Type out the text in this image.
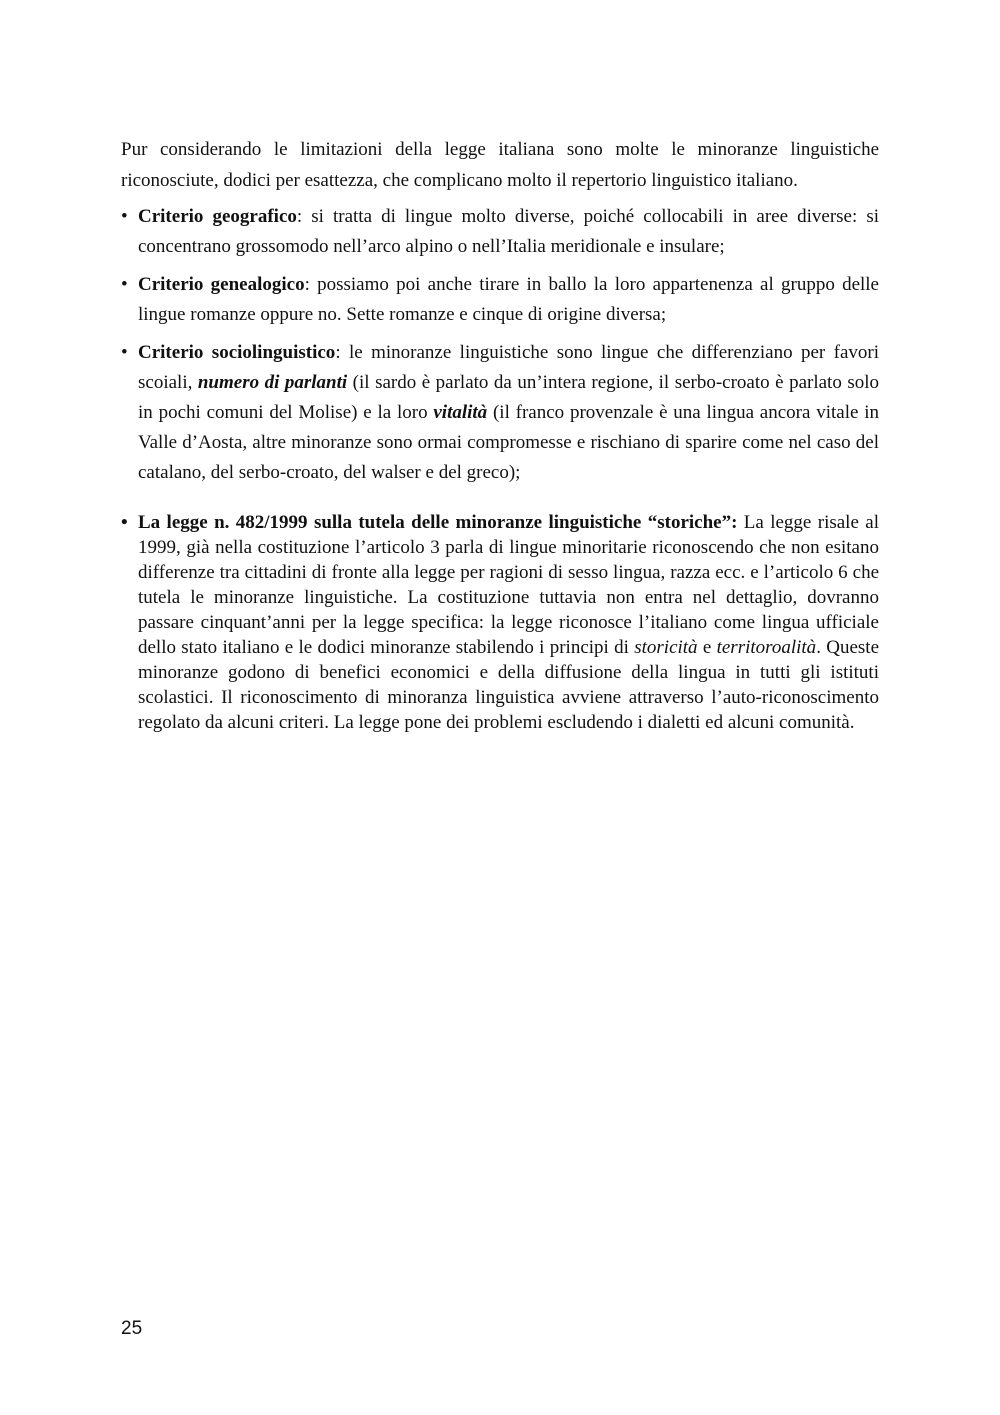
Pur considerando le limitazioni della legge italiana sono molte le minoranze linguistiche riconosciute, dodici per esattezza, che complicano molto il repertorio linguistico italiano.

• Criterio geografico: si tratta di lingue molto diverse, poiché collocabili in aree diverse: si concentrano grossomodo nell’arco alpino o nell’Italia meridionale e insulare;
• Criterio genealogico: possiamo poi anche tirare in ballo la loro appartenenza al gruppo delle lingue romanze oppure no. Sette romanze e cinque di origine diversa;
• Criterio sociolinguistico: le minoranze linguistiche sono lingue che differenziano per favori scoiali, numero di parlanti (il sardo è parlato da un’intera regione, il serbo-croato è parlato solo in pochi comuni del Molise) e la loro vitalità (il franco provenzale è una lingua ancora vitale in Valle d’Aosta, altre minoranze sono ormai compromesse e rischiano di sparire come nel caso del catalano, del serbo-croato, del walser e del greco);
• La legge n. 482/1999 sulla tutela delle minoranze linguistiche “storiche”: La legge risale al 1999, già nella costituzione l’articolo 3 parla di lingue minoritarie riconoscendo che non esitano differenze tra cittadini di fronte alla legge per ragioni di sesso lingua, razza ecc. e l’articolo 6 che tutela le minoranze linguistiche. La costituzione tuttavia non entra nel dettaglio, dovranno passare cinquant’anni per la legge specifica: la legge riconosce l’italiano come lingua ufficiale dello stato italiano e le dodici minoranze stabilendo i principi di storicità e territoroalità. Queste minoranze godono di benefici economici e della diffusione della lingua in tutti gli istituti scolastici. Il riconoscimento di minoranza linguistica avviene attraverso l’auto-riconoscimento regolato da alcuni criteri. La legge pone dei problemi escludendo i dialetti ed alcuni comunità.
25
